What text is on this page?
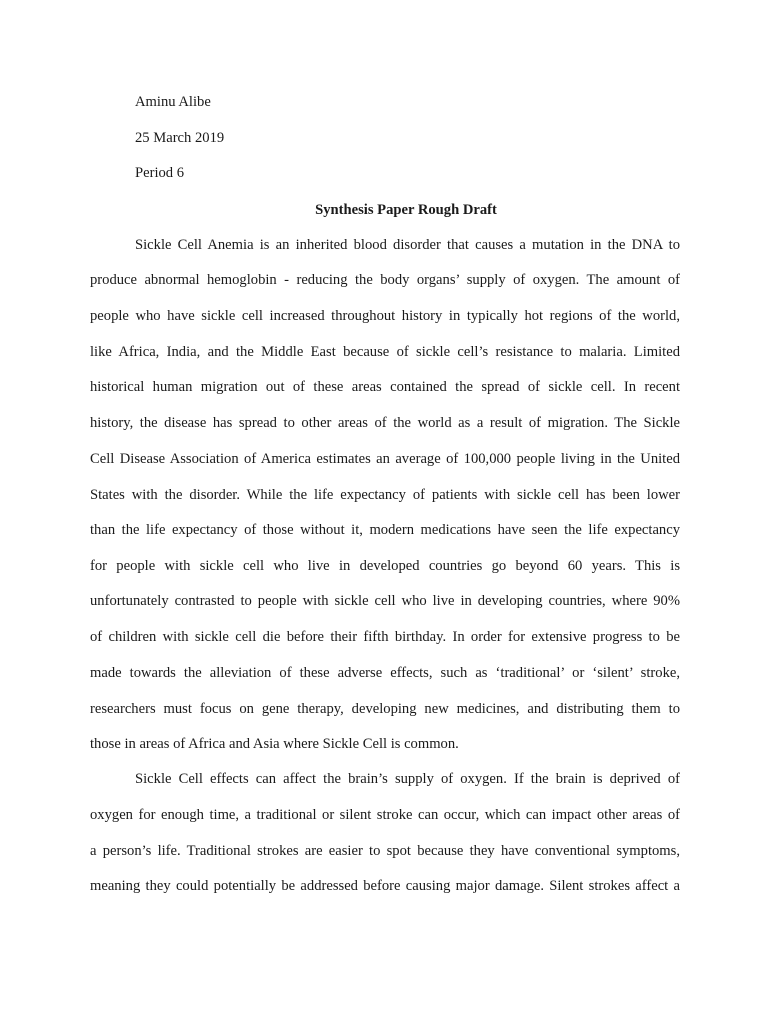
Aminu Alibe

25 March 2019

Period 6

Synthesis Paper Rough Draft

Sickle Cell Anemia is an inherited blood disorder that causes a mutation in the DNA to

produce abnormal hemoglobin - reducing the body organs’ supply of oxygen. The amount of

people who have sickle cell increased throughout history in typically hot regions of the world,

like Africa, India, and the Middle East because of sickle cell’s resistance to malaria. Limited

historical human migration out of these areas contained the spread of sickle cell. In recent

history, the disease has spread to other areas of the world as a result of migration. The Sickle

Cell Disease Association of America estimates an average of 100,000 people living in the United

States with the disorder. While the life expectancy of patients with sickle cell has been lower

than the life expectancy of those without it, modern medications have seen the life expectancy

for people with sickle cell who live in developed countries go beyond 60 years. This is

unfortunately contrasted to people with sickle cell who live in developing countries, where 90%

of children with sickle cell die before their fifth birthday. In order for extensive progress to be

made towards the alleviation of these adverse effects, such as ‘traditional’ or ‘silent’ stroke,

researchers must focus on gene therapy, developing new medicines, and distributing them to

those in areas of Africa and Asia where Sickle Cell is common.

Sickle Cell effects can affect the brain’s supply of oxygen. If the brain is deprived of

oxygen for enough time, a traditional or silent stroke can occur, which can impact other areas of

a person’s life. Traditional strokes are easier to spot because they have conventional symptoms,

meaning they could potentially be addressed before causing major damage. Silent strokes affect a
